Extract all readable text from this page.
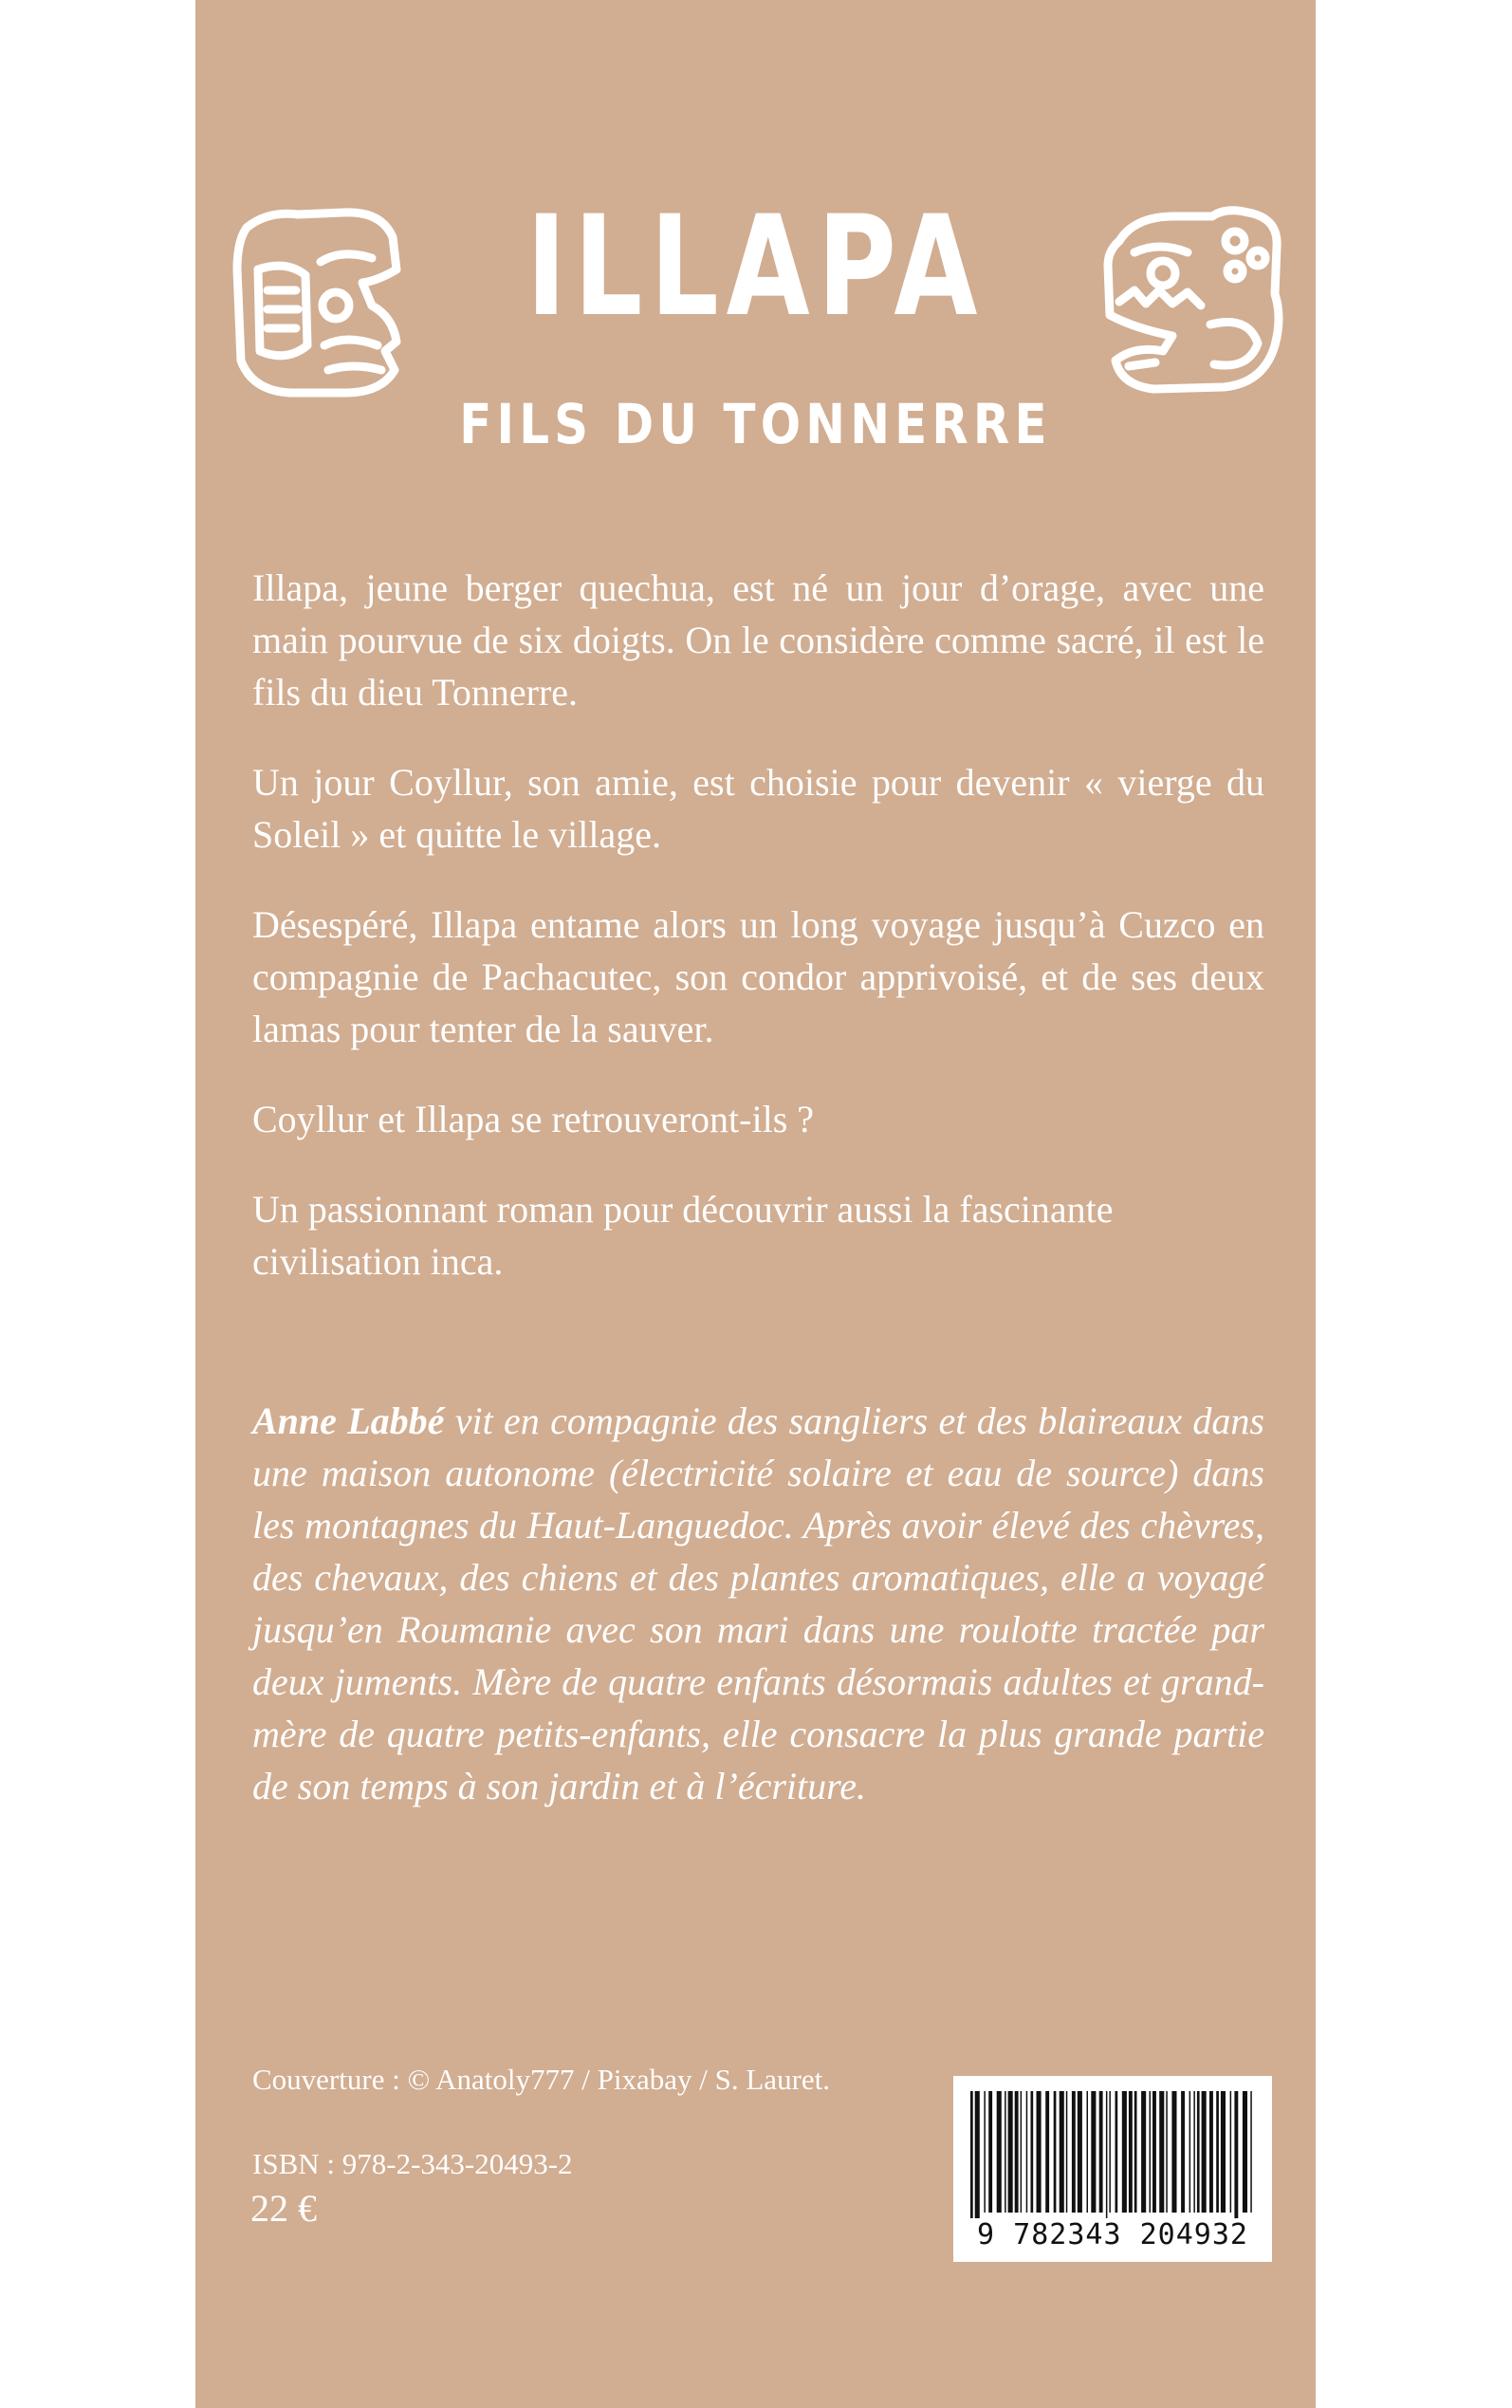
ILLAPA
FILS DU TONNERRE

Illapa, jeune berger quechua, est né un jour d’orage, avec une main pourvue de six doigts. On le considère comme sacré, il est le fils du dieu Tonnerre.

Un jour Coyllur, son amie, est choisie pour devenir « vierge du Soleil » et quitte le village.

Désespéré, Illapa entame alors un long voyage jusqu’à Cuzco en compagnie de Pachacutec, son condor apprivoisé, et de ses deux lamas pour tenter de la sauver.

Coyllur et Illapa se retrouveront-ils ?

Un passionnant roman pour découvrir aussi la fascinante civilisation inca.

Anne Labbé vit en compagnie des sangliers et des blaireaux dans une maison autonome (électricité solaire et eau de source) dans les montagnes du Haut-Languedoc. Après avoir élevé des chèvres, des chevaux, des chiens et des plantes aromatiques, elle a voyagé jusqu’en Roumanie avec son mari dans une roulotte tractée par deux juments. Mère de quatre enfants désormais adultes et grand-mère de quatre petits-enfants, elle consacre la plus grande partie de son temps à son jardin et à l’écriture.
Couverture : © Anatoly777 / Pixabay / S. Lauret.
ISBN : 978-2-343-20493-2
22 €
9 782343 204932
